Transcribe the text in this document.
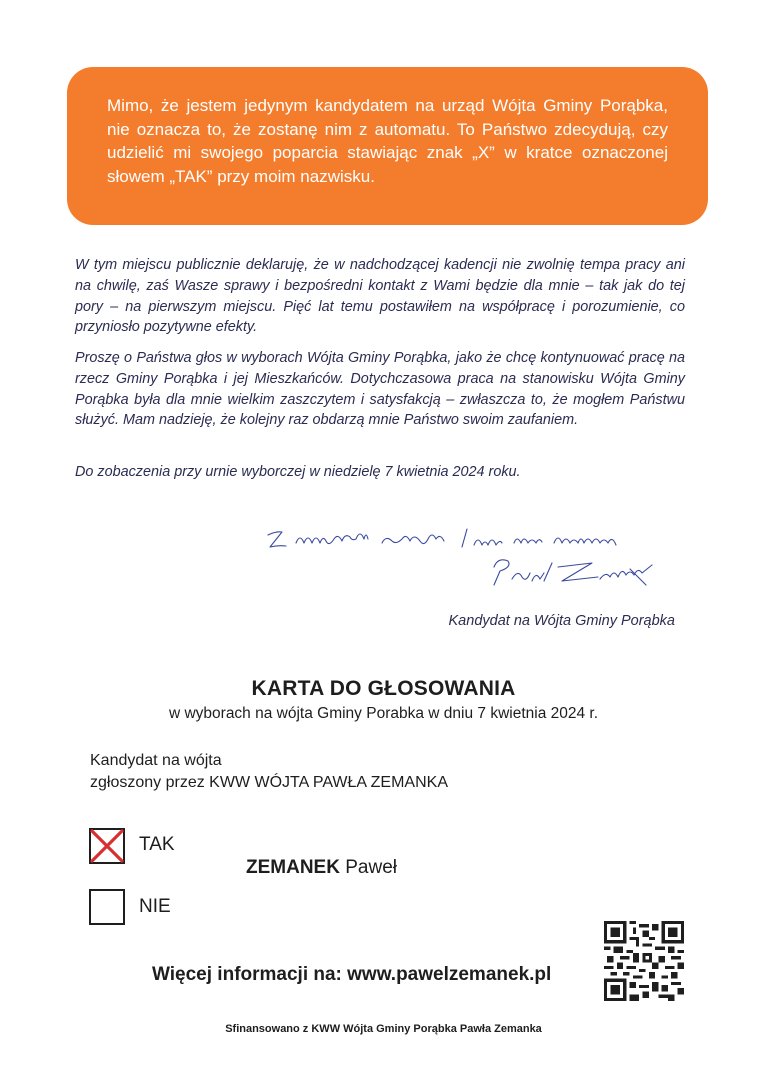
Mimo, że jestem jedynym kandydatem na urząd Wójta Gminy Porąbka, nie oznacza to, że zostanę nim z automatu. To Państwo zdecydują, czy udzielić mi swojego poparcia stawiając znak „X” w kratce oznaczonej słowem „TAK” przy moim nazwisku.

W tym miejscu publicznie deklaruję, że w nadchodzącej kadencji nie zwolnię tempa pracy ani na chwilę, zaś Wasze sprawy i bezpośredni kontakt z Wami będzie dla mnie – tak jak do tej pory – na pierwszym miejscu. Pięć lat temu postawiłem na współpracę i porozumienie, co przyniosło pozytywne efekty.

Proszę o Państwa głos w wyborach Wójta Gminy Porąbka, jako że chcę kontynuować pracę na rzecz Gminy Porąbka i jej Mieszkańców. Dotychczasowa praca na stanowisku Wójta Gminy Porąbka była dla mnie wielkim zaszczytem i satysfakcją – zwłaszcza to, że mogłem Państwu służyć. Mam nadzieję, że kolejny raz obdarzą mnie Państwo swoim zaufaniem.

Do zobaczenia przy urnie wyborczej w niedzielę 7 kwietnia 2024 roku.

Kandydat na Wójta Gminy Porąbka

KARTA DO GŁOSOWANIA

w wyborach na wójta Gminy Porabka w dniu 7 kwietnia 2024 r.

Kandydat na wójta

zgłoszony przez KWW WÓJTA PAWŁA ZEMANKA

TAK

ZEMANEK Paweł

NIE

Więcej informacji na: www.pawelzemanek.pl

Sfinansowano z KWW Wójta Gminy Porąbka Pawła Zemanka
